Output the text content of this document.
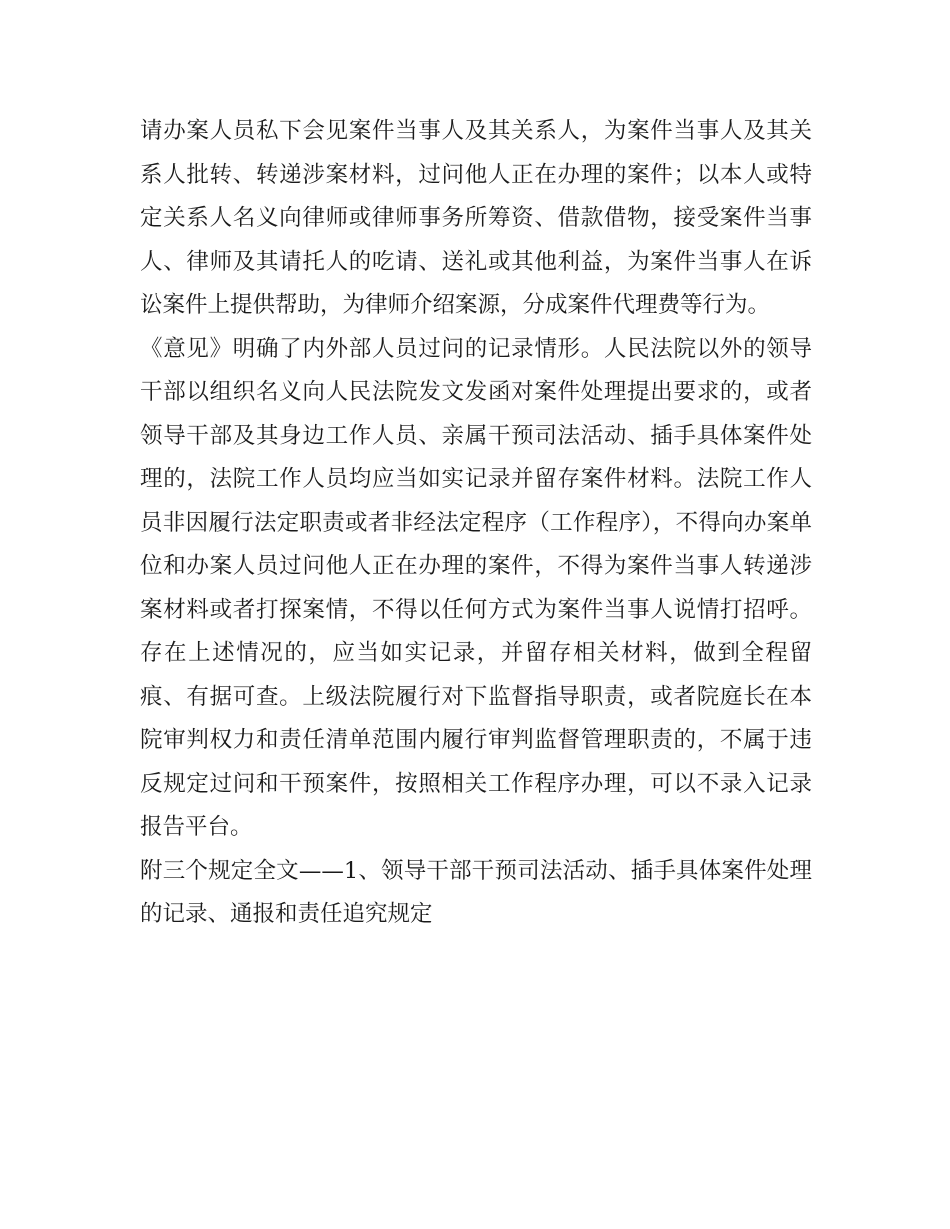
请办案人员私下会见案件当事人及其关系人，为案件当事人及其关系人批转、转递涉案材料，过问他人正在办理的案件；以本人或特定关系人名义向律师或律师事务所筹资、借款借物，接受案件当事人、律师及其请托人的吃请、送礼或其他利益，为案件当事人在诉讼案件上提供帮助，为律师介绍案源，分成案件代理费等行为。

《意见》明确了内外部人员过问的记录情形。人民法院以外的领导干部以组织名义向人民法院发文发函对案件处理提出要求的，或者领导干部及其身边工作人员、亲属干预司法活动、插手具体案件处理的，法院工作人员均应当如实记录并留存案件材料。法院工作人员非因履行法定职责或者非经法定程序（工作程序），不得向办案单位和办案人员过问他人正在办理的案件，不得为案件当事人转递涉案材料或者打探案情，不得以任何方式为案件当事人说情打招呼。存在上述情况的，应当如实记录，并留存相关材料，做到全程留痕、有据可查。上级法院履行对下监督指导职责，或者院庭长在本院审判权力和责任清单范围内履行审判监督管理职责的，不属于违反规定过问和干预案件，按照相关工作程序办理，可以不录入记录报告平台。

附三个规定全文——1、领导干部干预司法活动、插手具体案件处理的记录、通报和责任追究规定
